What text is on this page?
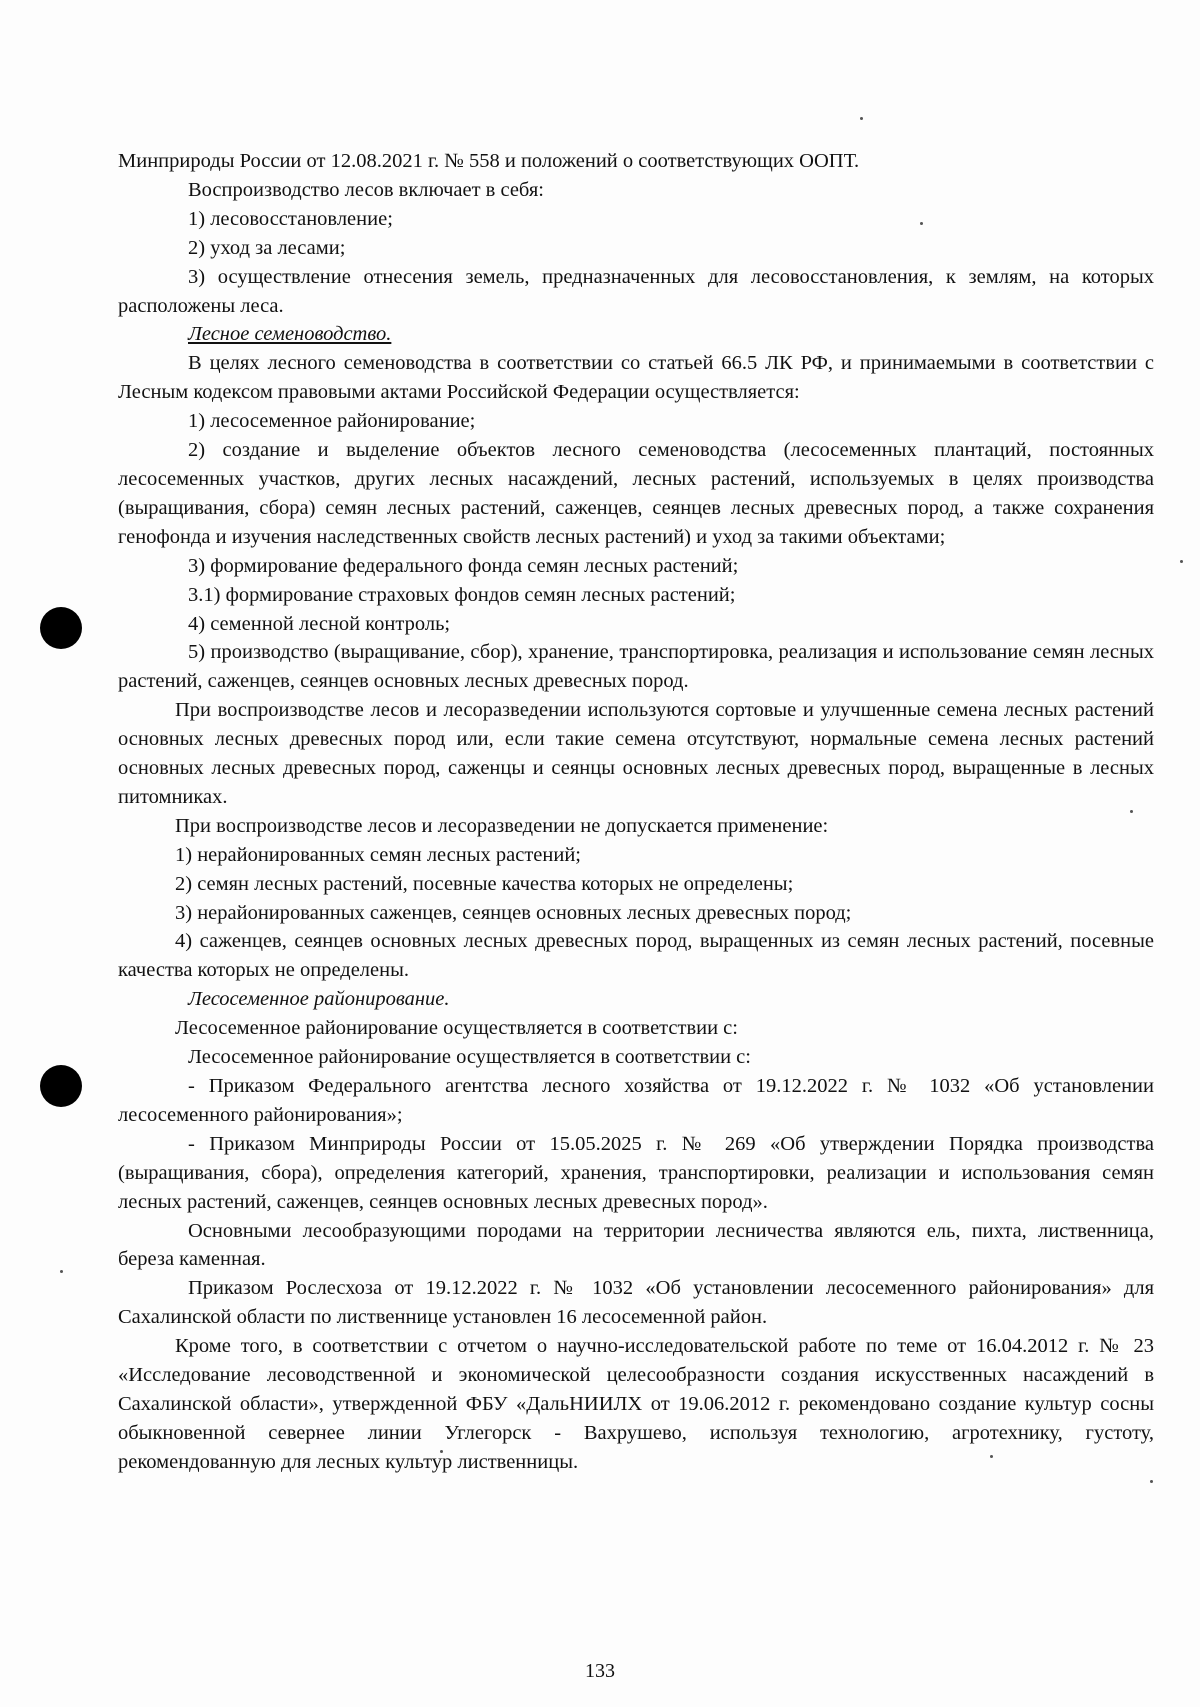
Минприроды России от 12.08.2021 г. № 558 и положений о соответствующих ООПТ.

Воспроизводство лесов включает в себя:

1) лесовосстановление;

2) уход за лесами;

3) осуществление отнесения земель, предназначенных для лесовосстановления, к землям, на которых расположены леса.

Лесное семеноводство.

В целях лесного семеноводства в соответствии со статьей 66.5 ЛК РФ, и принимаемыми в соответствии с Лесным кодексом правовыми актами Российской Федерации осуществляется:

1) лесосеменное районирование;

2) создание и выделение объектов лесного семеноводства (лесосеменных плантаций, постоянных лесосеменных участков, других лесных насаждений, лесных растений, используемых в целях производства (выращивания, сбора) семян лесных растений, саженцев, сеянцев лесных древесных пород, а также сохранения генофонда и изучения наследственных свойств лесных растений) и уход за такими объектами;

3) формирование федерального фонда семян лесных растений;

3.1) формирование страховых фондов семян лесных растений;

4) семенной лесной контроль;

5) производство (выращивание, сбор), хранение, транспортировка, реализация и использование семян лесных растений, саженцев, сеянцев основных лесных древесных пород.

При воспроизводстве лесов и лесоразведении используются сортовые и улучшенные семена лесных растений основных лесных древесных пород или, если такие семена отсутствуют, нормальные семена лесных растений основных лесных древесных пород, саженцы и сеянцы основных лесных древесных пород, выращенные в лесных питомниках.

При воспроизводстве лесов и лесоразведении не допускается применение:

1) нерайонированных семян лесных растений;

2) семян лесных растений, посевные качества которых не определены;

3) нерайонированных саженцев, сеянцев основных лесных древесных пород;

4) саженцев, сеянцев основных лесных древесных пород, выращенных из семян лесных растений, посевные качества которых не определены.

Лесосеменное районирование.

Лесосеменное районирование осуществляется в соответствии с:

Лесосеменное районирование осуществляется в соответствии с:

- Приказом Федерального агентства лесного хозяйства от 19.12.2022 г. № 1032 «Об установлении лесосеменного районирования»;

- Приказом Минприроды России от 15.05.2025 г. № 269 «Об утверждении Порядка производства (выращивания, сбора), определения категорий, хранения, транспортировки, реализации и использования семян лесных растений, саженцев, сеянцев основных лесных древесных пород».

Основными лесообразующими породами на территории лесничества являются ель, пихта, лиственница, береза каменная.

Приказом Рослесхоза от 19.12.2022 г. № 1032 «Об установлении лесосеменного районирования» для Сахалинской области по лиственнице установлен 16 лесосеменной район.

Кроме того, в соответствии с отчетом о научно-исследовательской работе по теме от 16.04.2012 г. № 23 «Исследование лесоводственной и экономической целесообразности создания искусственных насаждений в Сахалинской области», утвержденной ФБУ «ДальНИИЛХ от 19.06.2012 г. рекомендовано создание культур сосны обыкновенной севернее линии Углегорск - Вахрушево, используя технологию, агротехнику, густоту, рекомендованную для лесных культур лиственницы.

133
